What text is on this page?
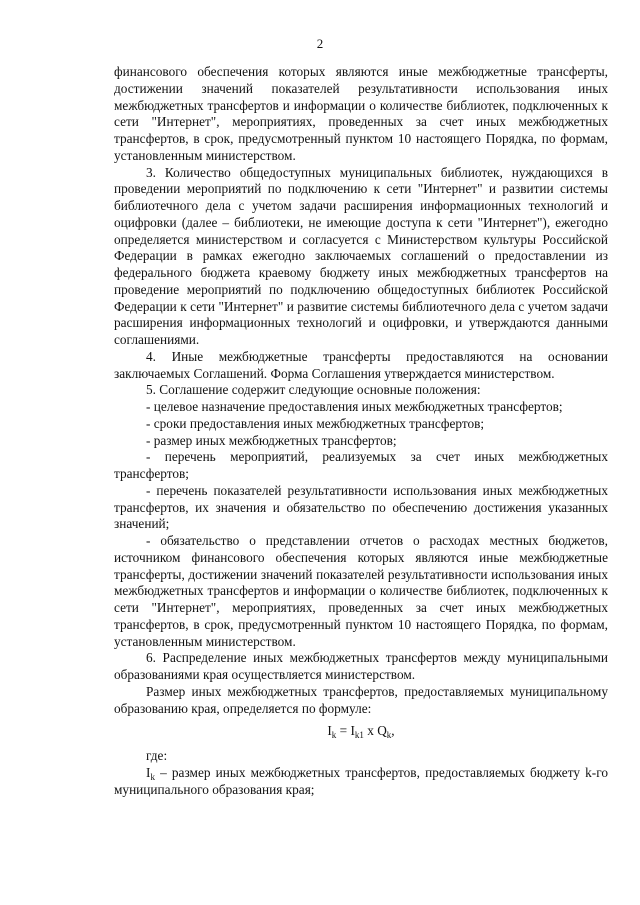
2

финансового обеспечения которых являются иные межбюджетные трансферты, достижении значений показателей результативности использования иных межбюджетных трансфертов и информации о количестве библиотек, подключенных к сети "Интернет", мероприятиях, проведенных за счет иных межбюджетных трансфертов, в срок, предусмотренный пунктом 10 настоящего Порядка, по формам, установленным министерством.

3. Количество общедоступных муниципальных библиотек, нуждающихся в проведении мероприятий по подключению к сети "Интернет" и развитии системы библиотечного дела с учетом задачи расширения информационных технологий и оцифровки (далее – библиотеки, не имеющие доступа к сети "Интернет"), ежегодно определяется министерством и согласуется с Министерством культуры Российской Федерации в рамках ежегодно заключаемых соглашений о предоставлении из федерального бюджета краевому бюджету иных межбюджетных трансфертов на проведение мероприятий по подключению общедоступных библиотек Российской Федерации к сети "Интернет" и развитие системы библиотечного дела с учетом задачи расширения информационных технологий и оцифровки, и утверждаются данными соглашениями.

4. Иные межбюджетные трансферты предоставляются на основании заключаемых Соглашений. Форма Соглашения утверждается министерством.

5. Соглашение содержит следующие основные положения:

- целевое назначение предоставления иных межбюджетных трансфертов;

- сроки предоставления иных межбюджетных трансфертов;

- размер иных межбюджетных трансфертов;

- перечень мероприятий, реализуемых за счет иных межбюджетных трансфертов;

- перечень показателей результативности использования иных межбюджетных трансфертов, их значения и обязательство по обеспечению достижения указанных значений;

- обязательство о представлении отчетов о расходах местных бюджетов, источником финансового обеспечения которых являются иные межбюджетные трансферты, достижении значений показателей результативности использования иных межбюджетных трансфертов и информации о количестве библиотек, подключенных к сети "Интернет", мероприятиях, проведенных за счет иных межбюджетных трансфертов, в срок, предусмотренный пунктом 10 настоящего Порядка, по формам, установленным министерством.

6. Распределение иных межбюджетных трансфертов между муниципальными образованиями края осуществляется министерством.

Размер иных межбюджетных трансфертов, предоставляемых муниципальному образованию края, определяется по формуле:

$I_k = I_{k1}$ x $Q_k$,

где:

$I_k$ – размер иных межбюджетных трансфертов, предоставляемых бюджету k-го муниципального образования края;
